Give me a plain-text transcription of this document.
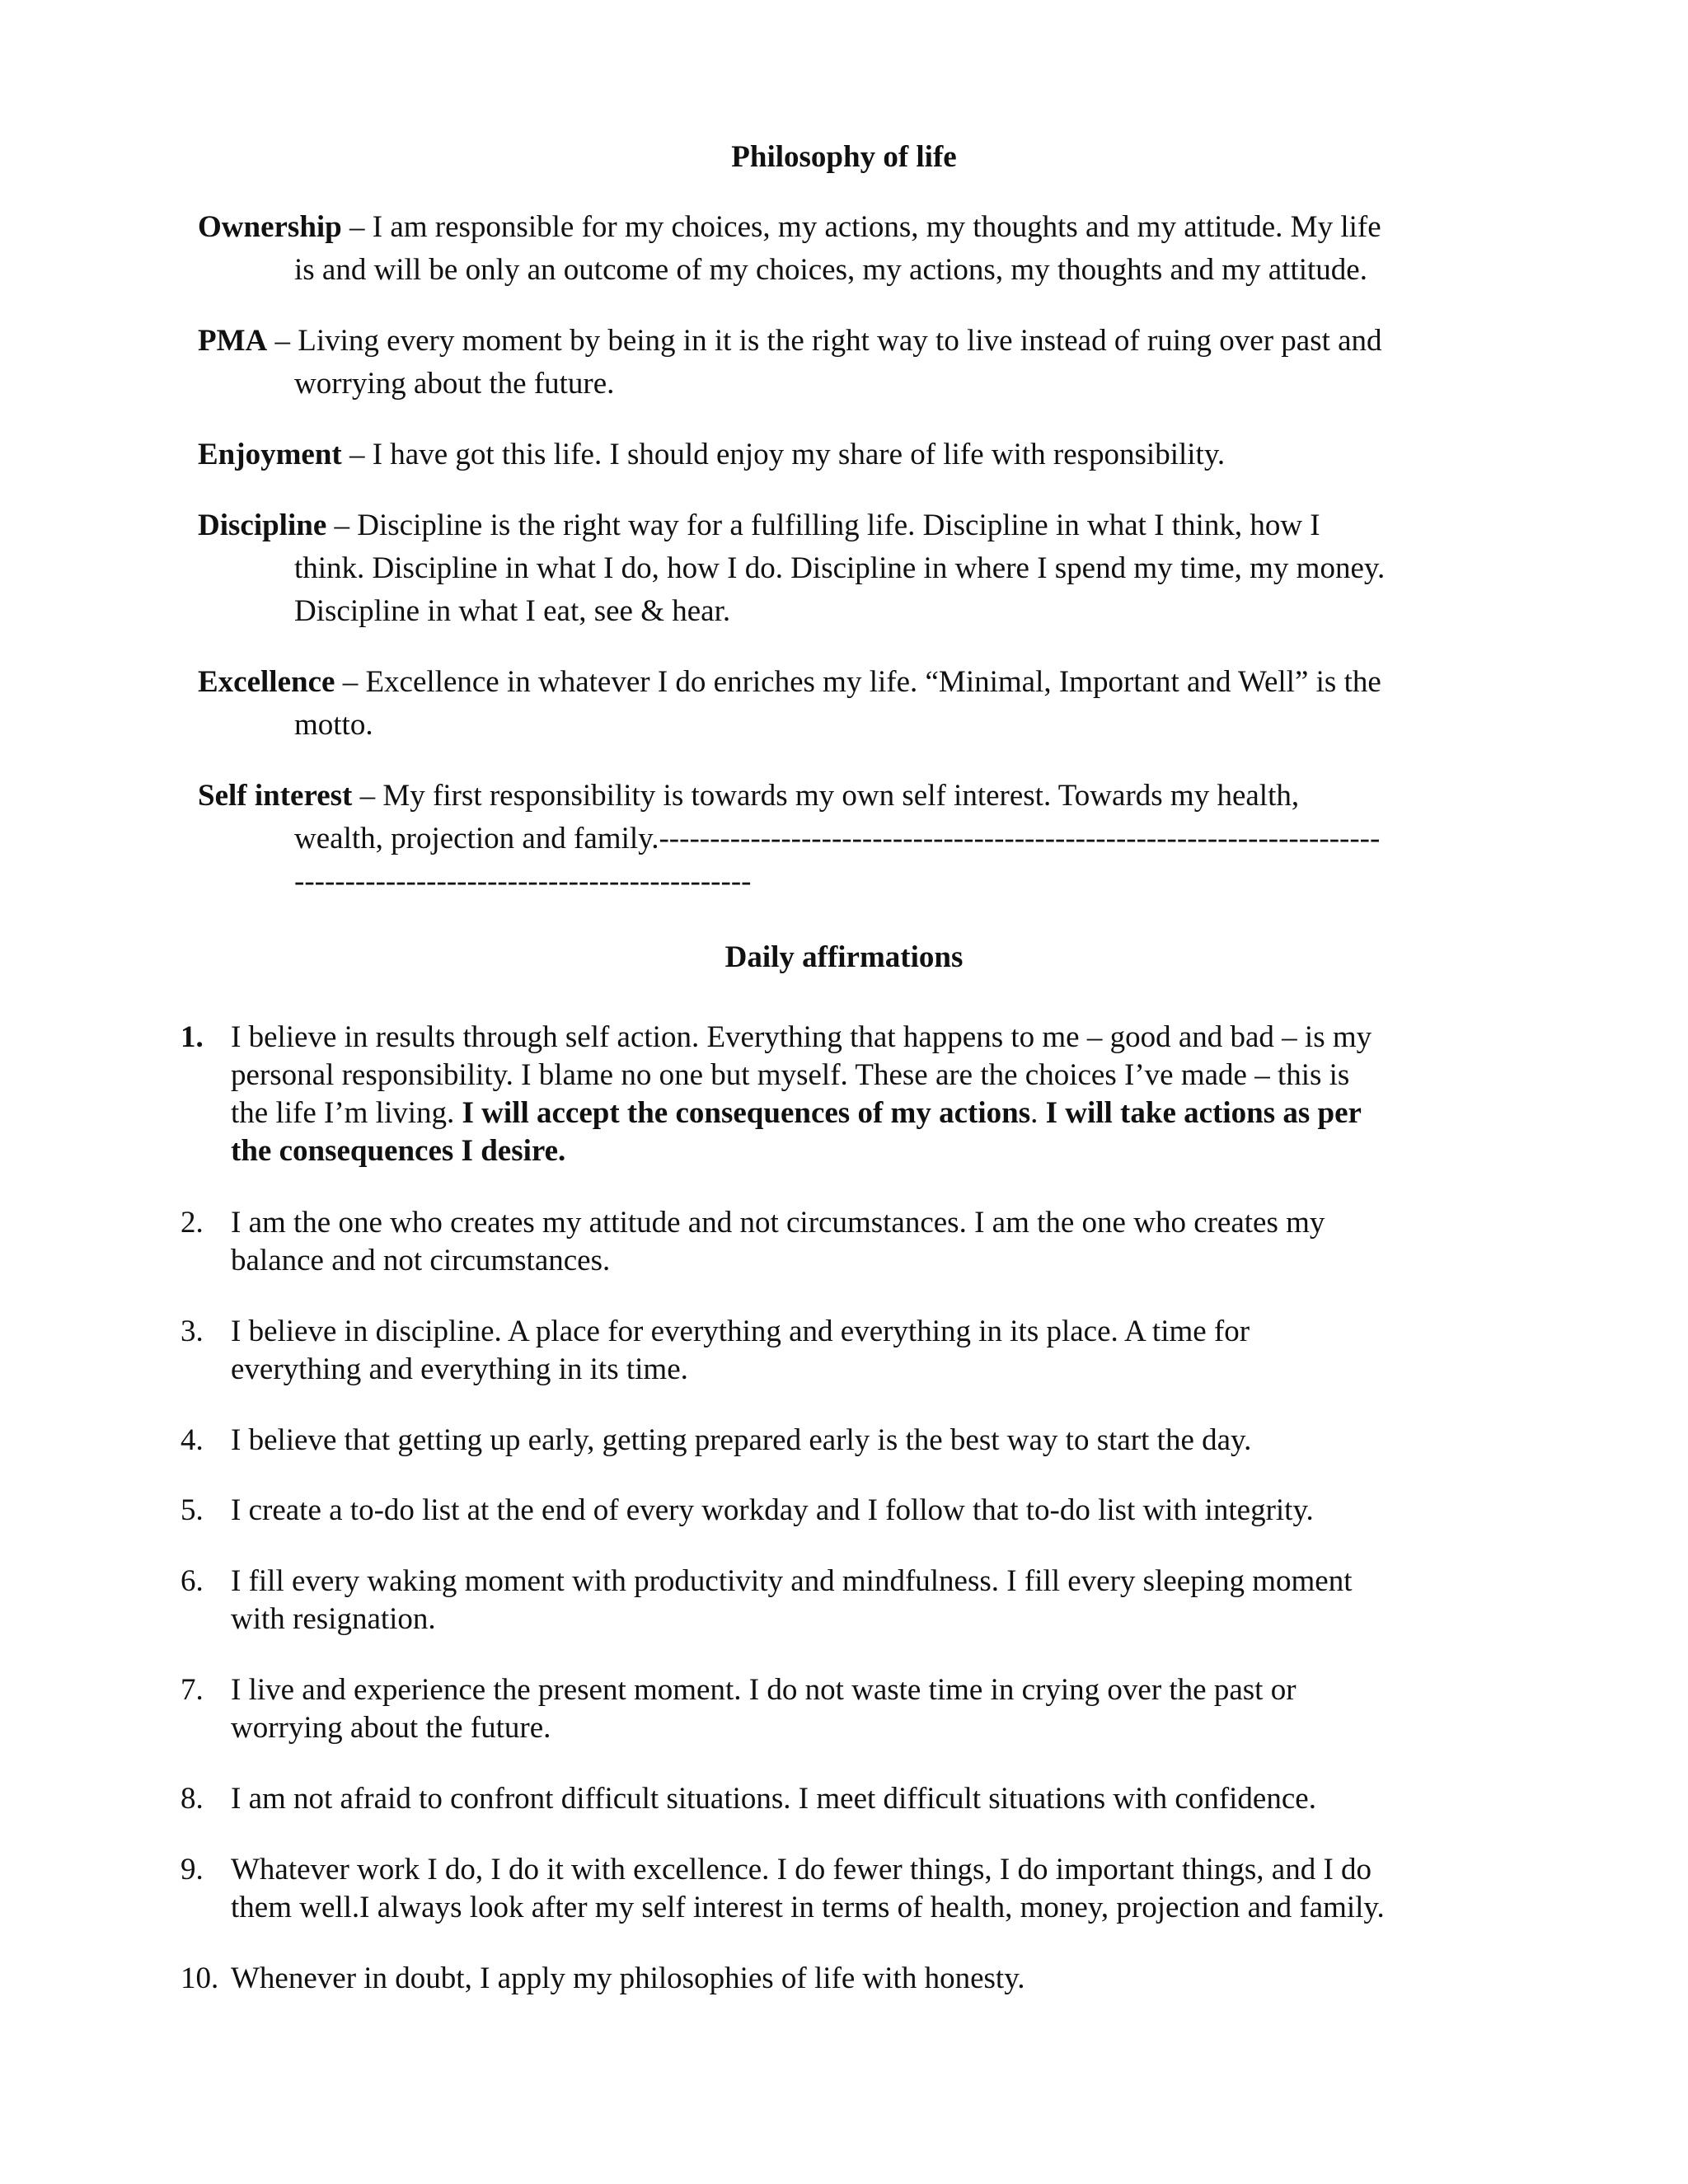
Philosophy of life
Ownership – I am responsible for my choices, my actions, my thoughts and my attitude. My life
is and will be only an outcome of my choices, my actions, my thoughts and my attitude.
PMA – Living every moment by being in it is the right way to live instead of ruing over past and
worrying about the future.
Enjoyment – I have got this life. I should enjoy my share of life with responsibility.
Discipline – Discipline is the right way for a fulfilling life. Discipline in what I think, how I
think. Discipline in what I do, how I do. Discipline in where I spend my time, my money.
Discipline in what I eat, see & hear.
Excellence – Excellence in whatever I do enriches my life. “Minimal, Important and Well” is the
motto.
Self interest – My first responsibility is towards my own self interest. Towards my health,
wealth, projection and family.-----------------------------------------------------------------------
---------------------------------------------
Daily affirmations
1. I believe in results through self action. Everything that happens to me – good and bad – is my
personal responsibility. I blame no one but myself. These are the choices I’ve made – this is
the life I’m living. I will accept the consequences of my actions. I will take actions as per
the consequences I desire.
2. I am the one who creates my attitude and not circumstances. I am the one who creates my
balance and not circumstances.
3. I believe in discipline. A place for everything and everything in its place. A time for
everything and everything in its time.
4. I believe that getting up early, getting prepared early is the best way to start the day.
5. I create a to-do list at the end of every workday and I follow that to-do list with integrity.
6. I fill every waking moment with productivity and mindfulness. I fill every sleeping moment
with resignation.
7. I live and experience the present moment. I do not waste time in crying over the past or
worrying about the future.
8. I am not afraid to confront difficult situations. I meet difficult situations with confidence.
9. Whatever work I do, I do it with excellence. I do fewer things, I do important things, and I do
them well.I always look after my self interest in terms of health, money, projection and family.
10. Whenever in doubt, I apply my philosophies of life with honesty.
